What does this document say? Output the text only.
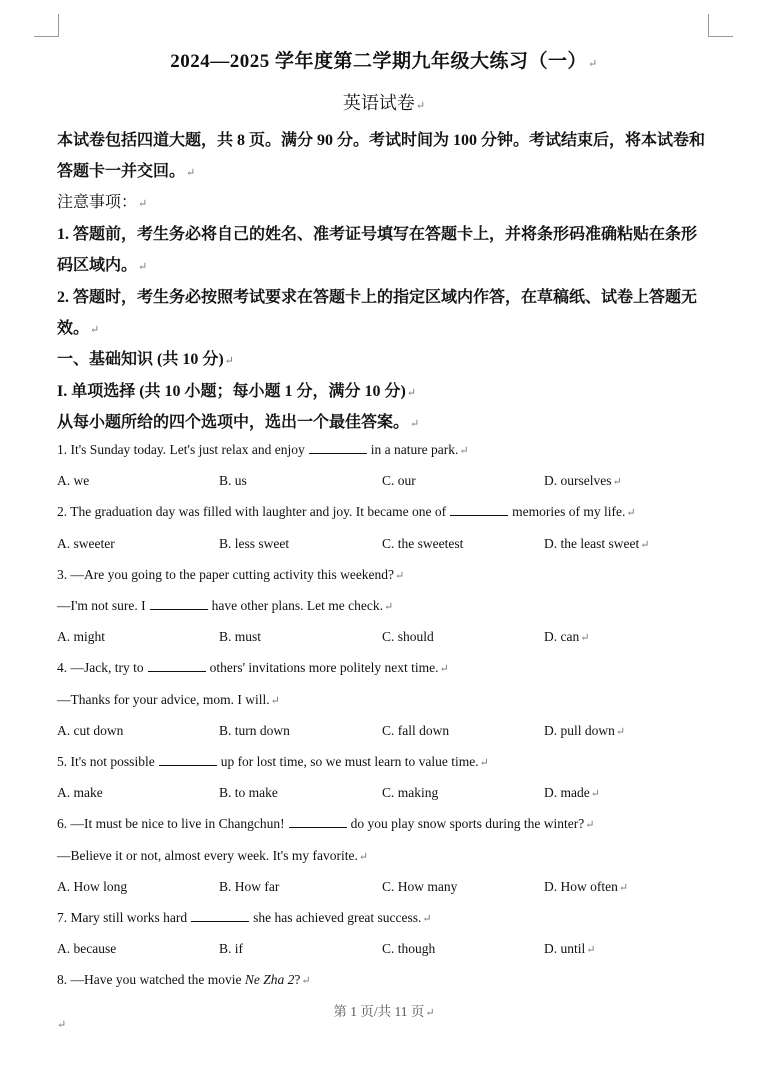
2024—2025 学年度第二学期九年级大练习（一）↵
英语试卷↵
本试卷包括四道大题，共 8 页。满分 90 分。考试时间为 100 分钟。考试结束后，将本试卷和
答题卡一并交回。↵
注意事项：↵
1. 答题前，考生务必将自己的姓名、准考证号填写在答题卡上，并将条形码准确粘贴在条形
码区域内。↵
2. 答题时，考生务必按照考试要求在答题卡上的指定区域内作答，在草稿纸、试卷上答题无
效。↵
一、基础知识 (共 10 分)↵
I. 单项选择 (共 10 小题；每小题 1 分，满分 10 分)↵
从每小题所给的四个选项中，选出一个最佳答案。↵
1. It's Sunday today. Let's just relax and enjoy	in a nature park.↵
A. we	B. us	C. our	D. ourselves↵
2. The graduation day was filled with laughter and joy. It became one of	memories of my life.↵
A. sweeter	B. less sweet	C. the sweetest	D. the least sweet↵
3. —Are you going to the paper cutting activity this weekend?↵
—I'm not sure. I	have other plans. Let me check.↵
A. might	B. must	C. should	D. can↵
4. —Jack, try to	others' invitations more politely next time.↵
—Thanks for your advice, mom. I will.↵
A. cut down	B. turn down	C. fall down	D. pull down↵
5. It's not possible	up for lost time, so we must learn to value time.↵
A. make	B. to make	C. making	D. made↵
6. —It must be nice to live in Changchun!	do you play snow sports during the winter?↵
—Believe it or not, almost every week. It's my favorite.↵
A. How long	B. How far	C. How many	D. How often↵
7. Mary still works hard	she has achieved great success.↵
A. because	B. if	C. though	D. until↵
8. —Have you watched the movie Ne Zha 2?↵
第 1 页/共 11 页↵
↵
